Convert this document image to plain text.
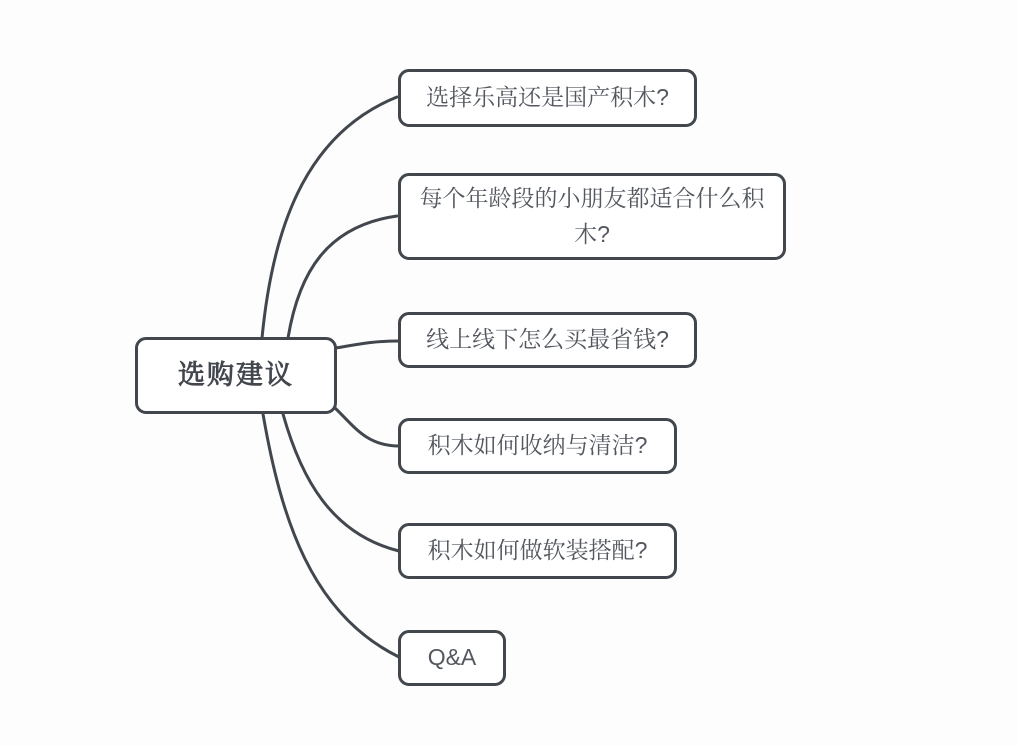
选购建议
选择乐高还是国产积木?
每个年龄段的小朋友都适合什么积木?
线上线下怎么买最省钱?
积木如何收纳与清洁?
积木如何做软装搭配?
Q&A
